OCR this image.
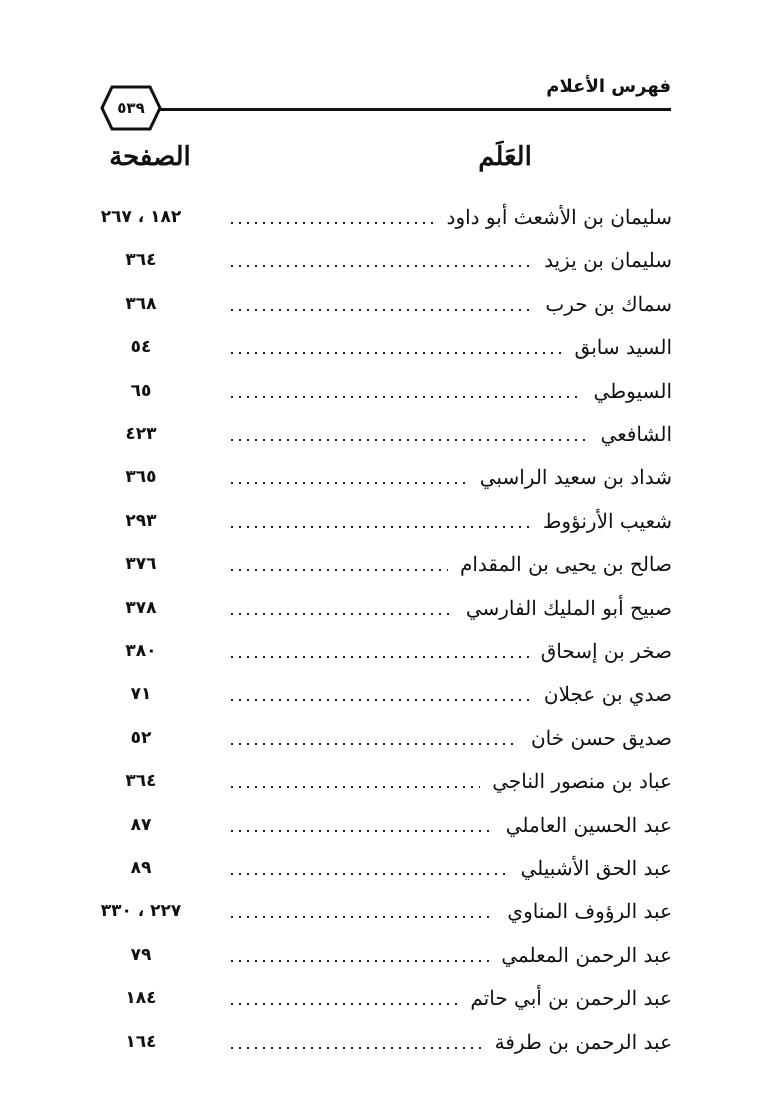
فهرس الأعلام
٥٣٩
العَلَم
الصفحة
١٨٢ ، ٢٦٧	سليمان بن الأشعث أبو داود
٣٦٤	سليمان بن يزيد
٣٦٨	سماك بن حرب
٥٤	السيد سابق
٦٥	السيوطي
٤٢٣	الشافعي
٣٦٥	شداد بن سعيد الراسبي
٢٩٣	شعيب الأرنؤوط
٣٧٦	صالح بن يحيى بن المقدام
٣٧٨	صبيح أبو المليك الفارسي
٣٨٠	صخر بن إسحاق
٧١	صدي بن عجلان
٥٢	صديق حسن خان
٣٦٤	عباد بن منصور الناجي
٨٧	عبد الحسين العاملي
٨٩	عبد الحق الأشبيلي
٢٢٧ ، ٣٣٠	عبد الرؤوف المناوي
٧٩	عبد الرحمن المعلمي
١٨٤	عبد الرحمن بن أبي حاتم
١٦٤	عبد الرحمن بن طرفة
